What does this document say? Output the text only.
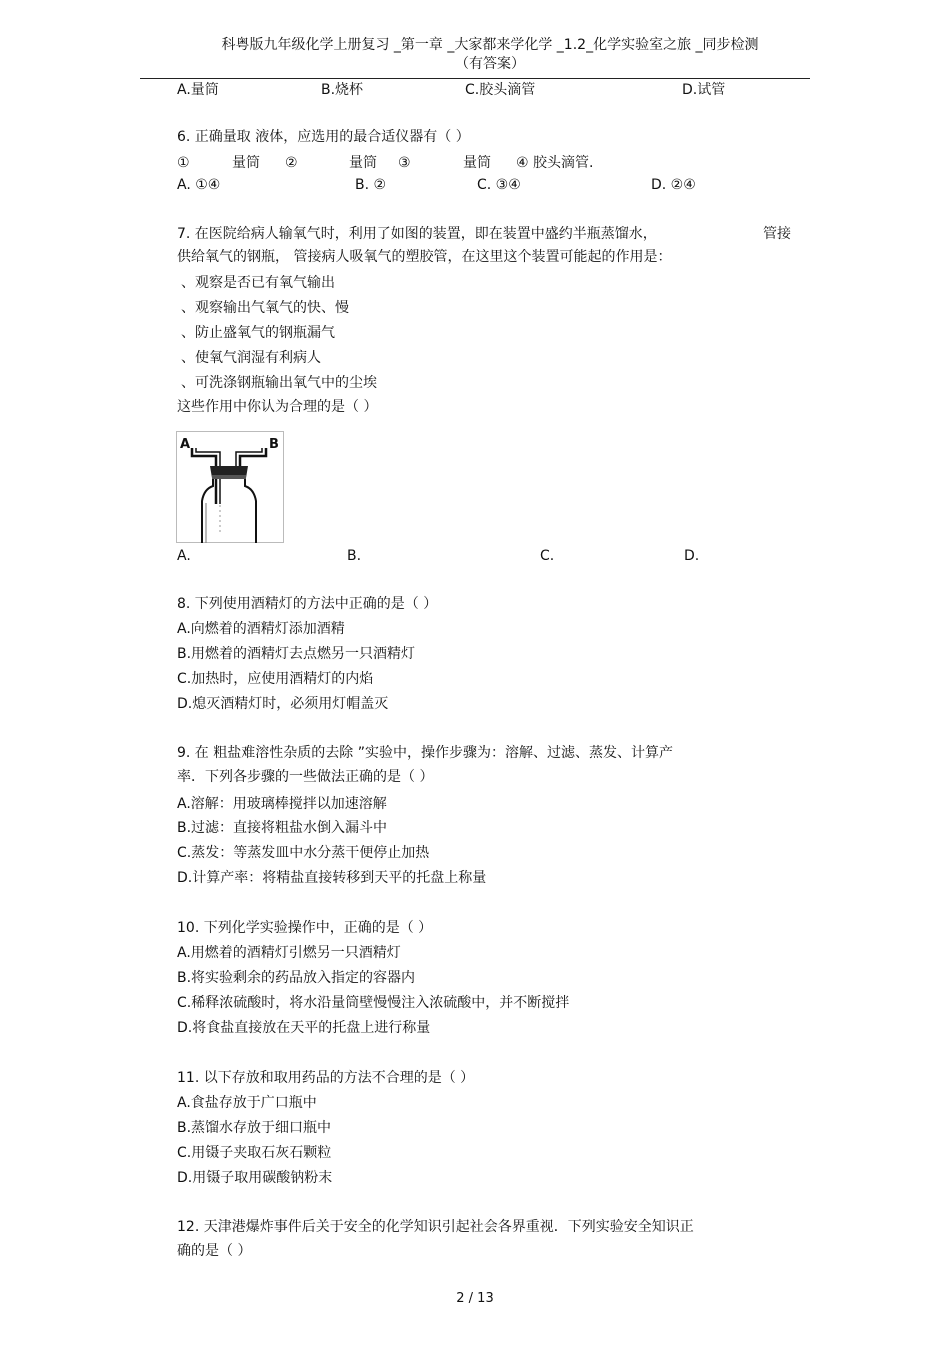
科粤版九年级化学上册复习 _第一章 _大家都来学化学 _1.2_化学实验室之旅 _同步检测
（有答案）
A.量筒	B.烧杯	C.胶头滴管	D.试管
6. 正确量取 液体，应选用的最合适仪器有（ ）
①	量筒 ②	量筒 ③	量筒 ④ 胶头滴管.
A. ①④	B. ②	C. ③④	D. ②④
7. 在医院给病人输氧气时，利用了如图的装置，即在装置中盛约半瓶蒸馏水，	管接
供给氧气的钢瓶， 管接病人吸氧气的塑胶管，在这里这个装置可能起的作用是：
、观察是否已有氧气输出
、观察输出气氧气的快、慢
、防止盛氧气的钢瓶漏气
、使氧气润湿有利病人
、可洗涤钢瓶输出氧气中的尘埃
这些作用中你认为合理的是（ ）
A	B
A.	B.	C.	D.
8. 下列使用酒精灯的方法中正确的是（ ）
A.向燃着的酒精灯添加酒精
B.用燃着的酒精灯去点燃另一只酒精灯
C.加热时，应使用酒精灯的内焰
D.熄灭酒精灯时，必须用灯帽盖灭
9. 在 粗盐难溶性杂质的去除 ”实验中，操作步骤为：溶解、过滤、蒸发、计算产
率．下列各步骤的一些做法正确的是（ ）
A.溶解：用玻璃棒搅拌以加速溶解
B.过滤：直接将粗盐水倒入漏斗中
C.蒸发：等蒸发皿中水分蒸干便停止加热
D.计算产率：将精盐直接转移到天平的托盘上称量
10. 下列化学实验操作中，正确的是（ ）
A.用燃着的酒精灯引燃另一只酒精灯
B.将实验剩余的药品放入指定的容器内
C.稀释浓硫酸时，将水沿量筒壁慢慢注入浓硫酸中，并不断搅拌
D.将食盐直接放在天平的托盘上进行称量
11. 以下存放和取用药品的方法不合理的是（ ）
A.食盐存放于广口瓶中
B.蒸馏水存放于细口瓶中
C.用镊子夹取石灰石颗粒
D.用镊子取用碳酸钠粉末
12. 天津港爆炸事件后关于安全的化学知识引起社会各界重视．下列实验安全知识正
确的是（ ）
2 / 13
